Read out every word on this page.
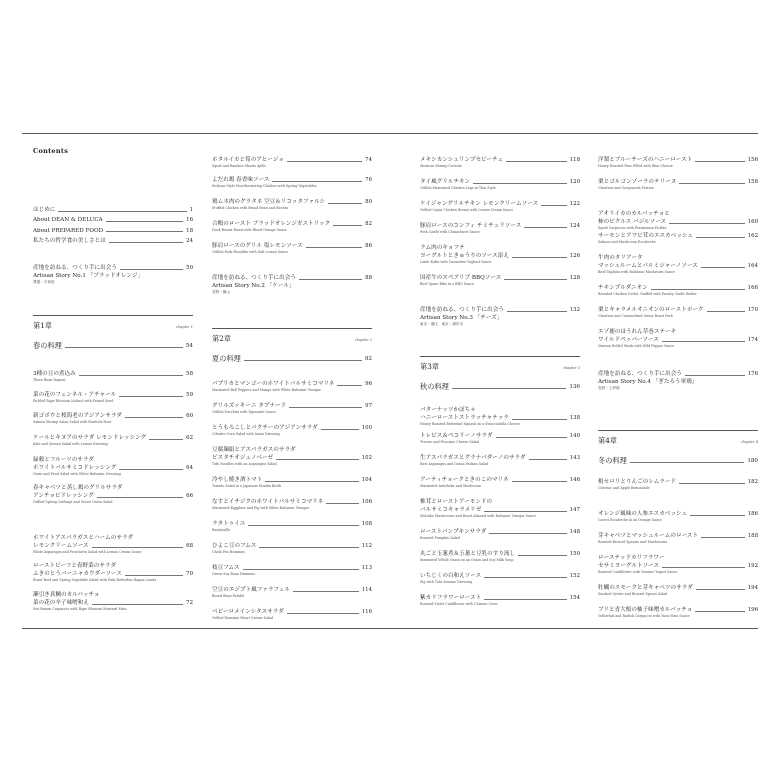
Contents
はじめに	1
About DEAN & DELUCA	16
About PREPARED FOOD	18
私たちの哲学食の美しさとは	24
産地を訪ねる、つくり手に出会う	50
Artisan Story No.1 「ブラッドオレンジ」
愛媛・宇和島
第1章	chapter 1
春の料理	54
3種の豆の煮込み	58
Three Bean Ragout
菜の花のフェンネル・アチャール	59
Pickled Rape Blossom (Achar) with Fennel Seed
新ゴボウと桜海老のアジアンサラダ	60
Sakura Shrimp Asian Salad with Burdock Root
ケールとキヌアのサラダ レモンドレッシング	62
Kale and Quinoa Salad with Lemon Dressing
緑穀とフルーツのサラダ
ホワイトバルサミコドレッシング	64
Grain and Fruit Salad with White Balsamic Dressing
春キャベツと蒸し鶏のグリルサラダ
アンチョビドレッシング	66
Grilled Spring Cabbage and Green Onion Salad
ホワイトアスパラガスとハームのサラダ
レモンクリームソース	68
White Asparagus and Prosciutto Salad with Lemon Cream Sauce
ローストビーフと春野菜のサラダ
ふきのとうバーニャカウダーソース	70
Roast Beef and Spring Vegetable Salad with Fuki Butterbur Bagna Cauda
瀬引き真鯛のカルパッチョ
菜の花の辛子味噌和え	72
Sea Bream Carpaccio with Rape Blossom Mustard Miso
ホタルイカと筍のアヒージョ	74
Squid and Bamboo Shoots Ajillo
よだれ鶏 春香味ソース	76
Sichuan Style Mouthwatering Chicken with Spring Vegetables
鶏ムネ肉のグラタネ 空豆＆リコッタファルシ	80
Stuffed Chicken with Broad Bean and Ricotta
合鴨のロースト ブラッドオレンジガストリック	82
Duck Breast Roast with Blood Orange Sauce
豚肩ロースのグリル 塩レモンソース	86
Grilled Pork Shoulder with Salt Lemon Sauce
産地を訪ねる、つくり手に出会う	88
Artisan Story No.2 「ケール」
長野・飯山
第2章	chapter 2
夏の料理	92
パプリカとマンゴーのホワイトバルサミコマリネ	96
Marinated Bell Peppers and Mango with White Balsamic Vinegar
グリルズッキーニ タプナード	97
Grilled Zucchini with Tapenade Sauce
とうもろこしとパクチーのアジアンサラダ	100
Cilantro Corn Salad with Asian Dressing
豆腐麺絹とアスパラガスのサラダ
ピスタチオジェノベーゼ	102
Tofu Noodles with an Asparagus Salad
冷やし焼き酒トマト	104
Tomato Salad in a Japanese Kombu Broth
なすとイチジクのホワイトバルサミコマリネ	106
Marinated Eggplant and Fig with White Balsamic Vinegar
ラタトゥイユ	108
Ratatouille
ひよこ豆のフムス	112
Chick Pea Hummus
枝豆フムス	113
Green Soy Bean Hummus
空豆のエジプト風ファラフェル	114
Broad Bean Falafel
ベビーロメインシタスサラダ	116
Grilled Romaine Heart Caesar Salad
メキシカンシュリンプセビーチェ	118
Mexican Shrimp Ceviche
タイ風グリルチキン	120
Grilled Marinated Chicken Legs in Thai Style
ケイジャングリルチキン レモンクリームソース	122
Grilled Cajun Chicken Breast with Lemon Cream Sauce
豚肩ロースのコンフィ チミチュリソース	124
Pork Confit with Chimichurri Sauce
ラム肉のキョフテ
ヨーグルトときゅうりのソース添え	126
Lamb Kofta with Cucumber Yoghurt Sauce
国産牛のスペアリブ BBQソース	128
Beef Spare Ribs in a BBQ Sauce
産地を訪ねる、つくり手に出会う	132
Artisan Story No.3 「チーズ」
東京・港区、東京・調布市
第3章	chapter 3
秋の料理	136
バターナッツかぼちゃ
ハニーローストストラッチャテッラ	138
Honey Roasted Butternut Squash on a Stracciatella Cheese
トレビス＆ペコリーノサラダ	140
Treviso and Pecorino Cheese Salad
生アスパラガスとグラナパダーノのサラダ	143
Raw Asparagus and Grana Padano Salad
アーティチョークときのこのマリネ	146
Marinated Artichoke and Mushroom
椎茸とローストアーモンドの
バルサミコキャラメリゼ	147
Shiitake Mushrooms and Roast Almond with Balsamic Vinegar Sauce
ローストパンプキンサラダ	148
Roasted Pumpkin Salad
丸ごと玉葱煮＆玉葱と豆乳のすり流し	150
Simmered Whole Onion on an Onion and Soy Milk Soup
いちじくの白和えソース	152
Fig with Tofu Sesame Dressing
紫カリフラワーロースト	154
Roasted Violet Cauliflower with Chinese Cress
洋梨とブルーチーズのハニーロースト	156
Honey Roasted Pear Filled with Blue Cheese
栗とゴルゴンゾーラのテリーヌ	158
Chestnut and Gorgonzola Terrine
アオリイカのカルパッチョと
柿のピクルス パジルソース	160
Squid Carpaccio with Persimmon Pickles
サーモンとアワビ茸のエスカベッシュ	162
Salmon and Mushroom Escabeche
牛肉のタリアータ
マッシュルームとパルミジャーノソース	164
Beef Tagliata with Balsamic Mushroom Sauce
チキンプルダニオン	166
Breaded Chicken Cutlet, Stuffed with Parsley Garlic Butter
栗とキャラメルオニオンのローストポーク	170
Chestnut and Caramelized Onion Roast Pork
エゾ鹿のほうれん草巻ステーキ
ワイルドペッパーソース	174
Venison Rolled Steak with Wild Pepper Sauce
産地を訪ねる、つくり手に出会う	176
Artisan Story No.4 「ぎたろう軍鶏」
長野・上伊那
第4章	chapter 4
冬の料理	180
根セロリとりんごのレムラード	182
Celeriac and Apple Remoulade
オレンジ風味の人参エスカベッシュ	186
Carrot Escabeche in an Orange Sauce
芽キャベツとマッシュルームのロースト	188
Roasted Brussel Sprouts and Mushrooms
ローステッドカリフラワー
セサミヨーグルトソース	192
Roasted Cauliflower with Sesame Yogurt Sauce
牡蠣のスモークと芽キャベツのサラダ	194
Smoked Oyster and Brussel Sprout Salad
ブリと青大根の柚子味噌カルパッチョ	196
Yellowtail and Radish Carpaccio with Yuzu Miso Sauce
